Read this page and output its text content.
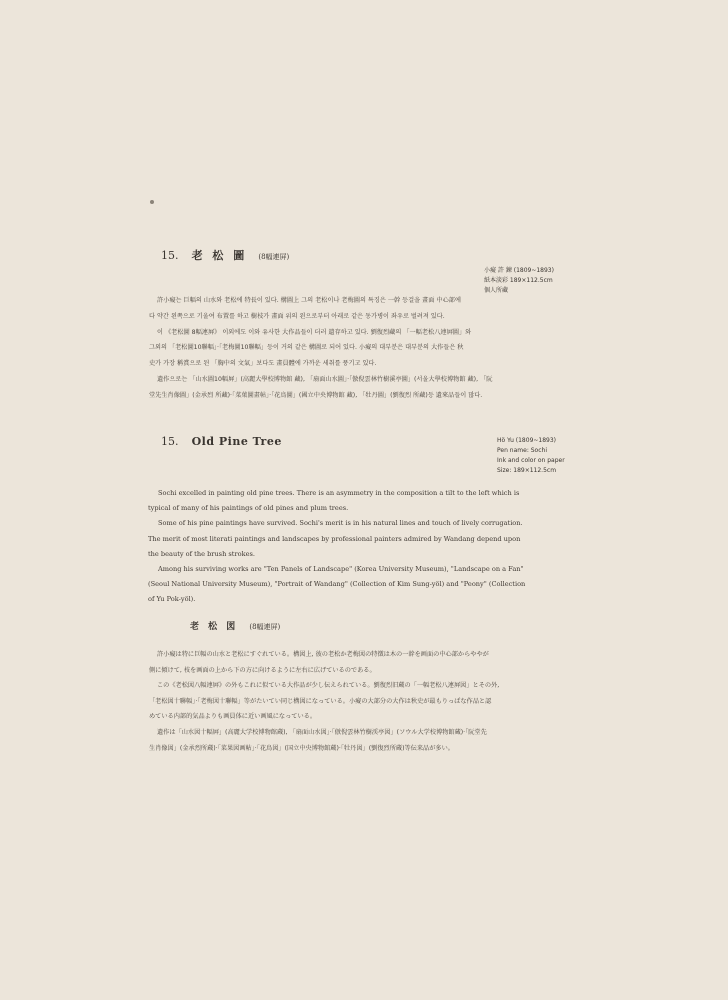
15. 老 松 圖 (8幅連屛)
小癡 許 鍊 (1809~1893)
紙本淡彩 189×112.5cm
個人所藏

許小癡는 巨幅의 山水와 老松에 特長이 있다. 構圖上 그의 老松이나 老梅圖의 특징은 一幹 등걸을 畫面 中心部에

다 약간 왼쪽으로 기울여 布置를 하고 樹枝가 畫面 위의 왼으로부터 아래로 같은 동가병이 좌우로 벌려져 있다.

이 《老松圖 8幅連屛》 이외에도 이와 유사한 大作品들이 더러 遺存하고 있다. 劉復烈藏의 「一幅老松八連屛圖」와

그외의 「老松圖10聯幅」·「老梅圖10聯幅」등이 거의 같은 構圖로 되어 있다. 小癡의 대부분은 대부분의 大作들은 秋

史가 가장 稱賞으로 된 「胸中의 文氣」보다도 畫員體에 가까운 세취를 풍기고 있다.

遺作으로는 「山水圖10幅屛」(高麗大學校博物館 藏), 「扇面山水圖」·「倣倪雲林竹樹溪亭圖」(서울大學校博物館 藏), 「阮

堂先生肖像圖」(金承烈 所藏)·「菜菓圖畫帖」·「花鳥圖」(國立中央博物館 藏), 「牡丹圖」(劉復烈 所藏)등 遺來品들이 많다.

15. Old Pine Tree	Hö Yu (1809~1893)
Pen name: Sochi
Ink and color on paper
Size: 189×112.5cm

Sochi excelled in painting old pine trees. There is an asymmetry in the composition a tilt to the left which is

typical of many of his paintings of old pines and plum trees.

Some of his pine paintings have survived. Sochi's merit is in his natural lines and touch of lively corrugation.

The merit of most literati paintings and landscapes by professional painters admired by Wandang depend upon

the beauty of the brush strokes.

Among his surviving works are "Ten Panels of Landscape" (Korea University Museum), "Landscape on a Fan"

(Seoul National University Museum), "Portrait of Wandang" (Collection of Kim Sung-yöl) and "Peony" (Collection

of Yu Pok-yöl).

老 松 図 (8幅連屛)

許小癡は特に巨幅の山水と老松にすぐれている。構図上, 彼の老松か老梅図の特徴は木の一幹を画面の中心部からややが

側に傾けて, 枝を画面の上から下の方に向けるように左右に広げているのである。

この《老松図八幅連屛》の外もこれに似ている大作品が少し伝えられている。劉復烈旧蔵の「一幅老松八連屛図」とその外,

「老松図十聯幅」·「老梅図十聯幅」等がたいてい同じ構図になっている。小癡の大部分の大作は秋史が最もりっぱな作品と認

めている内部的気品よりも画員体に近い画風になっている。

遺作は「山水図十幅屛」(高麗大学校博物館蔵), 「扇面山水図」·「倣倪雲林竹樹渓亭図」(ソウル大学校博物館蔵)·「阮堂先

生肖像図」(金承烈所蔵)·「菜果図画帖」·「花鳥図」(国立中央博物館蔵)·「牡丹図」(劉復烈所蔵)等伝来品が多い。
